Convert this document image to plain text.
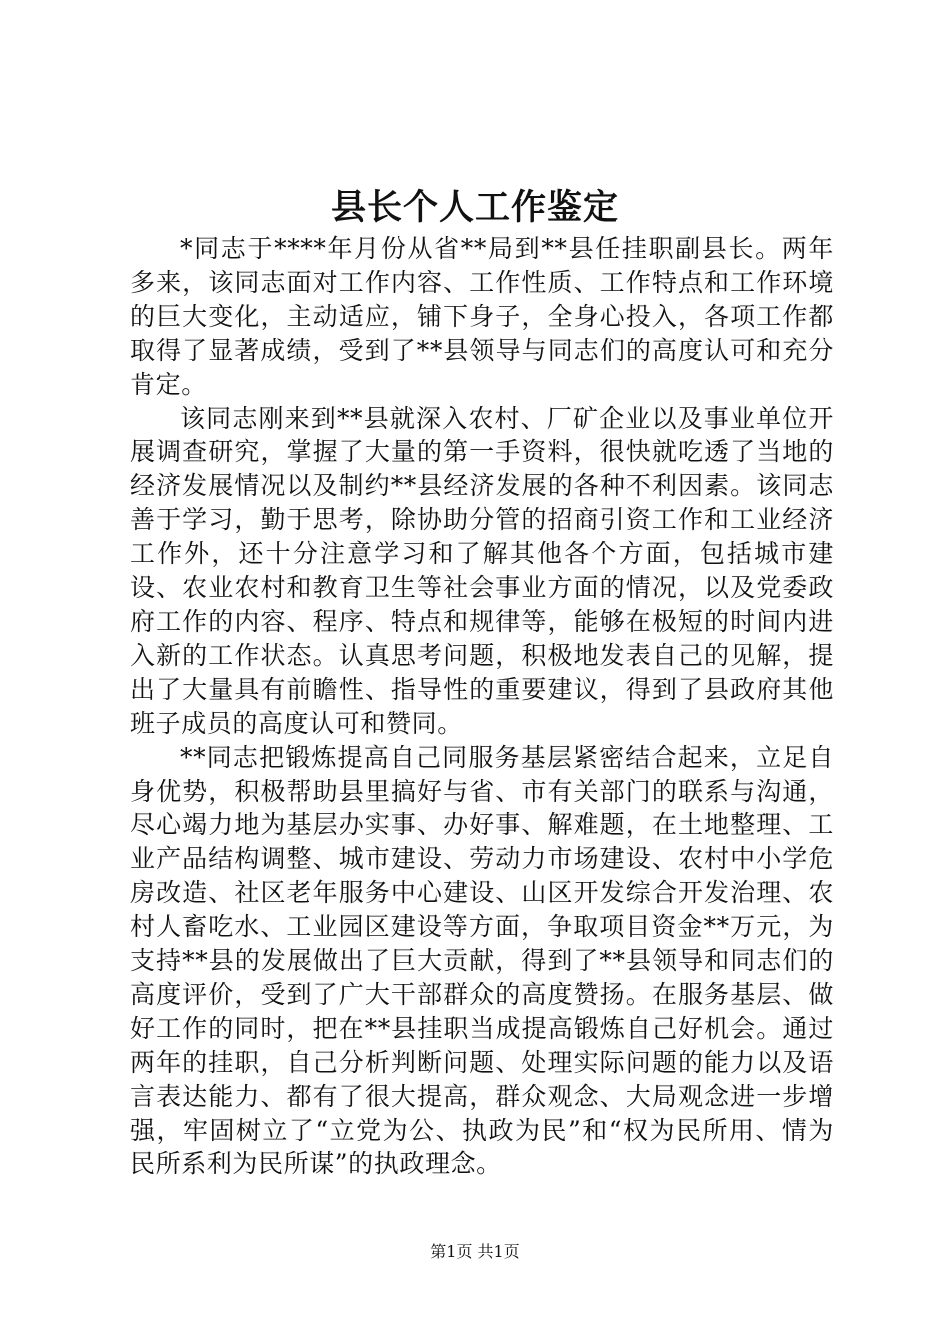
县长个人工作鉴定

*同志于****年月份从省**局到**县任挂职副县长。两年多来，该同志面对工作内容、工作性质、工作特点和工作环境的巨大变化，主动适应，铺下身子，全身心投入，各项工作都取得了显著成绩，受到了**县领导与同志们的高度认可和充分肯定。

该同志刚来到**县就深入农村、厂矿企业以及事业单位开展调查研究，掌握了大量的第一手资料，很快就吃透了当地的经济发展情况以及制约**县经济发展的各种不利因素。该同志善于学习，勤于思考，除协助分管的招商引资工作和工业经济工作外，还十分注意学习和了解其他各个方面，包括城市建设、农业农村和教育卫生等社会事业方面的情况，以及党委政府工作的内容、程序、特点和规律等，能够在极短的时间内进入新的工作状态。认真思考问题，积极地发表自己的见解，提出了大量具有前瞻性、指导性的重要建议，得到了县政府其他班子成员的高度认可和赞同。

**同志把锻炼提高自己同服务基层紧密结合起来，立足自身优势，积极帮助县里搞好与省、市有关部门的联系与沟通，尽心竭力地为基层办实事、办好事、解难题，在土地整理、工业产品结构调整、城市建设、劳动力市场建设、农村中小学危房改造、社区老年服务中心建设、山区开发综合开发治理、农村人畜吃水、工业园区建设等方面，争取项目资金**万元，为支持**县的发展做出了巨大贡献，得到了**县领导和同志们的高度评价，受到了广大干部群众的高度赞扬。在服务基层、做好工作的同时，把在**县挂职当成提高锻炼自己好机会。通过两年的挂职，自己分析判断问题、处理实际问题的能力以及语言表达能力、都有了很大提高，群众观念、大局观念进一步增强，牢固树立了“立党为公、执政为民”和“权为民所用、情为民所系利为民所谋”的执政理念。

第1页 共1页
